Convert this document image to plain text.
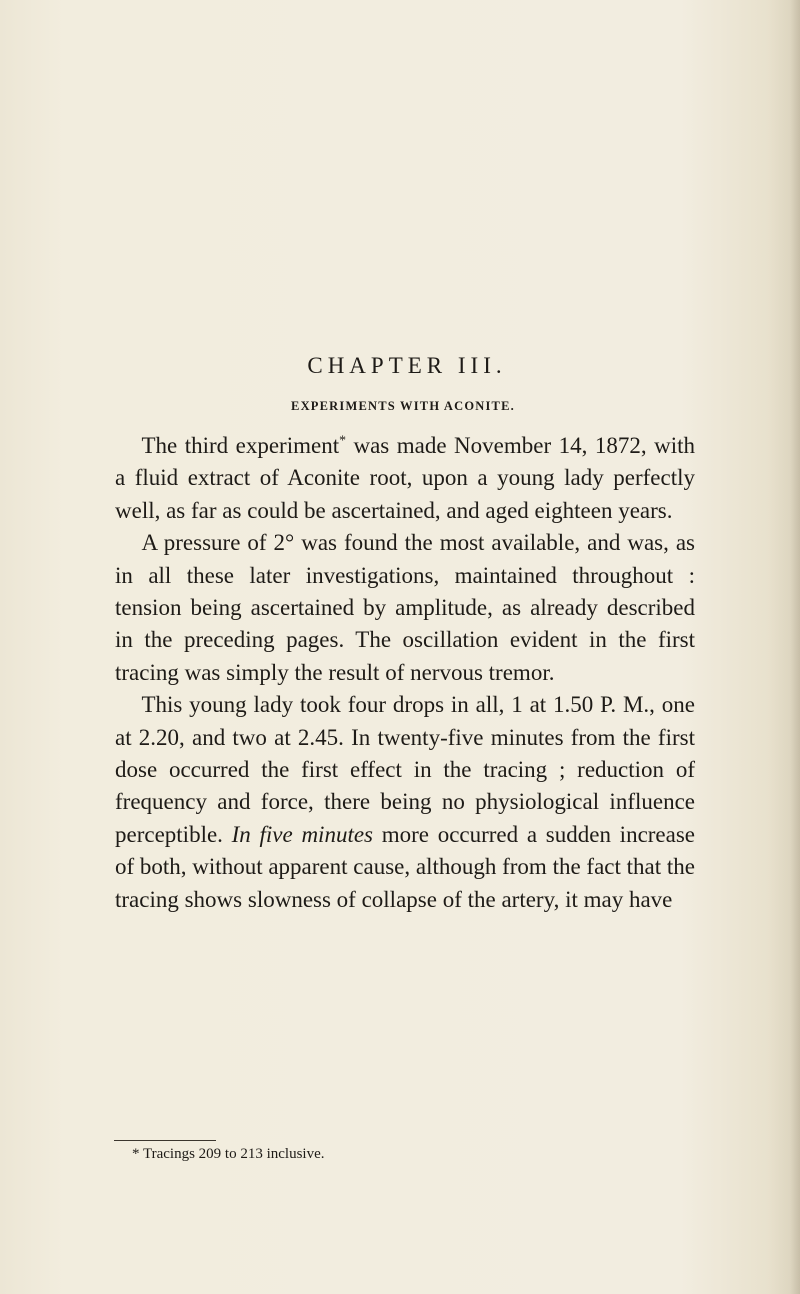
CHAPTER III.
EXPERIMENTS WITH ACONITE.

The third experiment* was made November 14, 1872, with a fluid extract of Aconite root, upon a young lady perfectly well, as far as could be ascertained, and aged eighteen years.

A pressure of 2° was found the most available, and was, as in all these later investigations, maintained throughout : tension being ascertained by amplitude, as already described in the preceding pages. The oscillation evident in the first tracing was simply the result of nervous tremor.

This young lady took four drops in all, 1 at 1.50 P. M., one at 2.20, and two at 2.45. In twenty-five minutes from the first dose occurred the first effect in the tracing ; reduction of frequency and force, there being no physiological influence perceptible. In five minutes more occurred a sudden increase of both, without apparent cause, although from the fact that the tracing shows slowness of collapse of the artery, it may have

* Tracings 209 to 213 inclusive.
